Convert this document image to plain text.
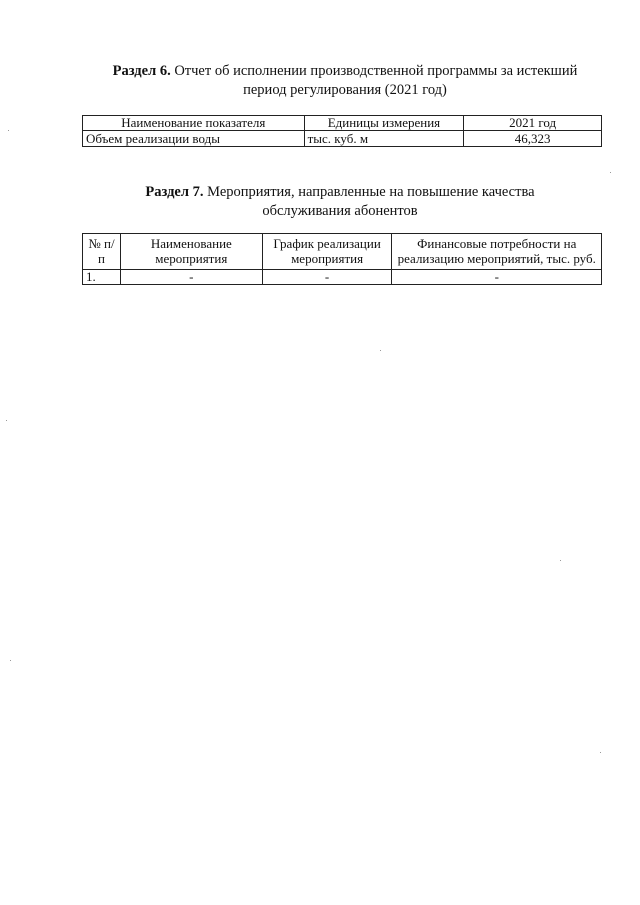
Раздел 6. Отчет об исполнении производственной программы за истекший период регулирования (2021 год)
Наименование показателя	Единицы измерения	2021 год
Объем реализации воды	тыс. куб. м	46,323
Раздел 7. Мероприятия, направленные на повышение качества обслуживания абонентов
№ п/п	Наименование мероприятия	График реализации мероприятия	Финансовые потребности на реализацию мероприятий, тыс. руб.
1.	-	-	-
